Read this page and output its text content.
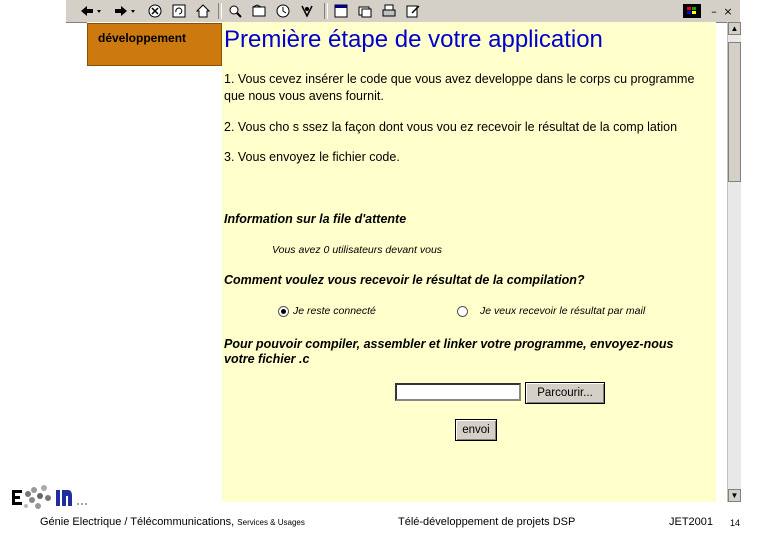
– ×
développement	Première étape de votre application
1. Vous cevez insérer le code que vous avez developpe dans le corps cu programme
que nous vous avens fournit.
2. Vous cho s ssez la façon dont vous vou ez recevoir le résultat de la comp lation
3. Vous envoyez le fichier code.
Information sur la file d'attente
Vous avez 0 utilisateurs devant vous
Comment voulez vous recevoir le résultat de la compilation?
Je reste connecté	Je veux recevoir le résultat par mail
Pour pouvoir compiler, assembler et linker votre programme, envoyez-nous
votre fichier .c
Parcourir...
envoi
▲
▼
Génie Electrique / Télécommunications, Services & Usages	Télé-développement de projets DSP	JET2001 14
